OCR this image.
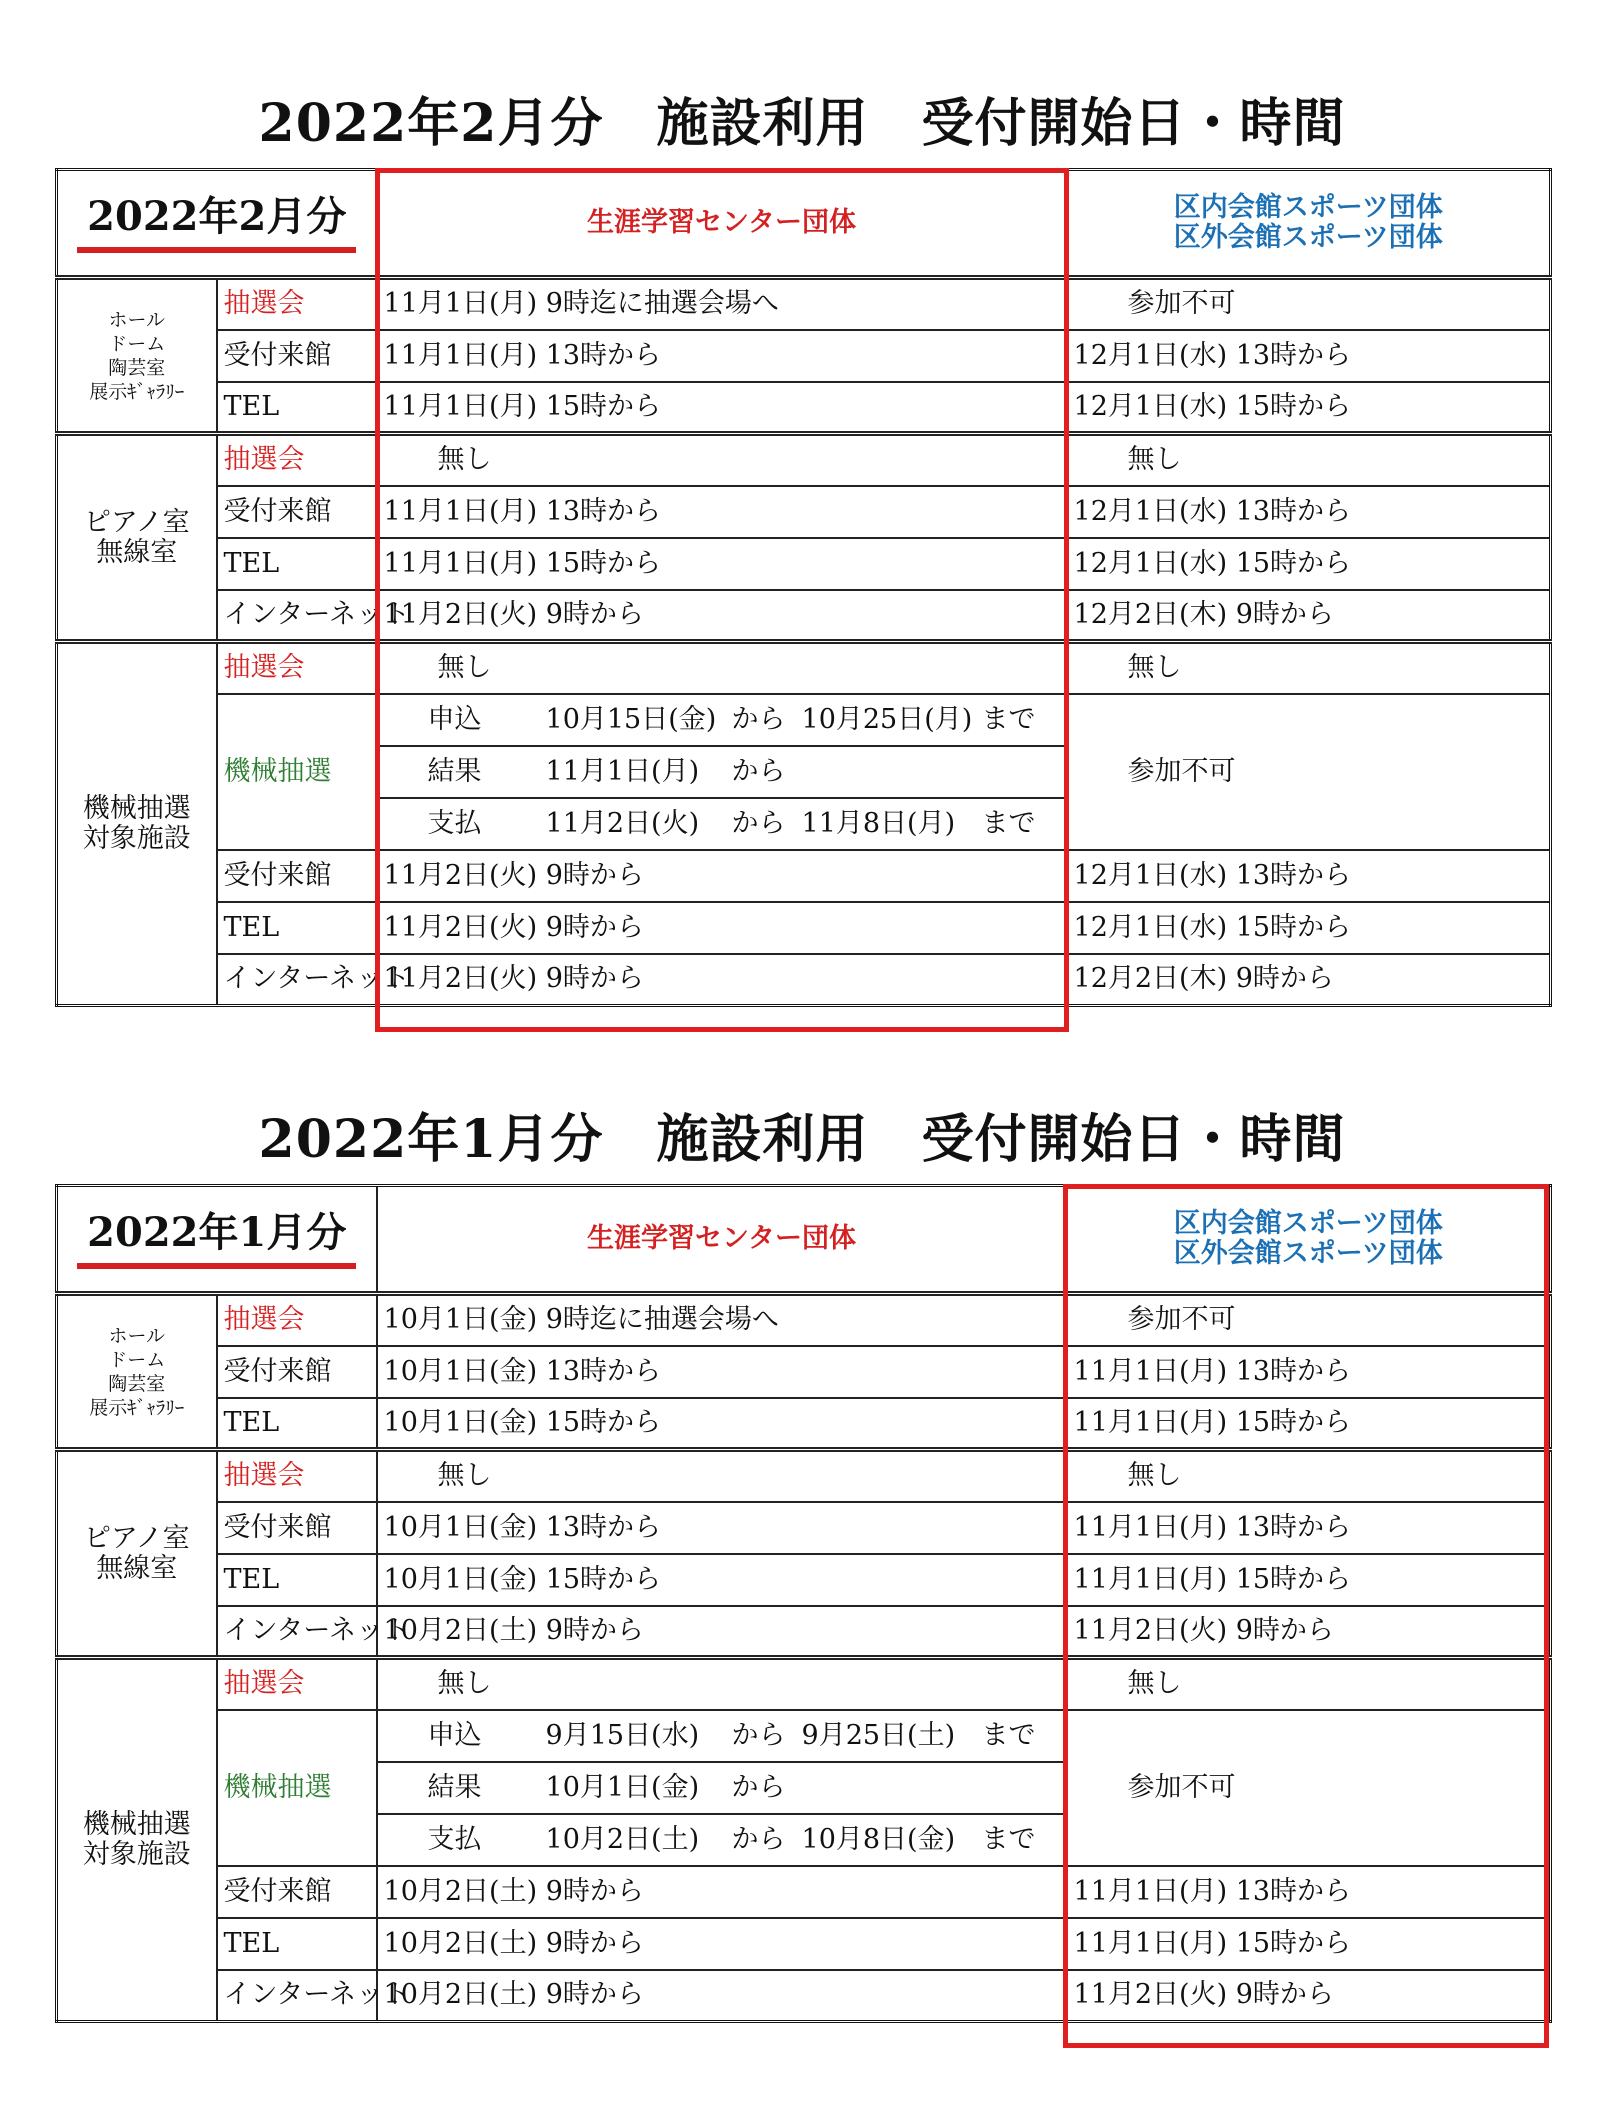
2022年2月分　施設利用　受付開始日・時間
2022年2月分		生涯学習センター団体	区内会館スポーツ団体
区外会館スポーツ団体

ホール
ドーム
陶芸室
展示ｷﾞｬﾗﾘｰ	抽選会	11月1日(月) 9時迄に抽選会場へ	参加不可
	受付来館	11月1日(月) 13時から	12月1日(水) 13時から
	TEL	11月1日(月) 15時から	12月1日(水) 15時から

ピアノ室
無線室	抽選会	無し	無し
	受付来館	11月1日(月) 13時から	12月1日(水) 13時から
	TEL	11月1日(月) 15時から	12月1日(水) 15時から
	インターネット	11月2日(火) 9時から	12月2日(木) 9時から

機械抽選
対象施設	抽選会	無し	無し
	機械抽選	申込 10月15日(金) から 10月25日(月) まで	参加不可
		結果 11月1日(月) から	
		支払 11月2日(火) から 11月8日(月) まで	
	受付来館	11月2日(火) 9時から	12月1日(水) 13時から
	TEL	11月2日(火) 9時から	12月1日(水) 15時から
	インターネット	11月2日(火) 9時から	12月2日(木) 9時から
2022年1月分　施設利用　受付開始日・時間
2022年1月分		生涯学習センター団体	区内会館スポーツ団体
区外会館スポーツ団体

ホール
ドーム
陶芸室
展示ｷﾞｬﾗﾘｰ	抽選会	10月1日(金) 9時迄に抽選会場へ	参加不可
	受付来館	10月1日(金) 13時から	11月1日(月) 13時から
	TEL	10月1日(金) 15時から	11月1日(月) 15時から

ピアノ室
無線室	抽選会	無し	無し
	受付来館	10月1日(金) 13時から	11月1日(月) 13時から
	TEL	10月1日(金) 15時から	11月1日(月) 15時から
	インターネット	10月2日(土) 9時から	11月2日(火) 9時から

機械抽選
対象施設	抽選会	無し	無し
	機械抽選	申込 9月15日(水) から 9月25日(土) まで	参加不可
		結果 10月1日(金) から	
		支払 10月2日(土) から 10月8日(金) まで	
	受付来館	10月2日(土) 9時から	11月1日(月) 13時から
	TEL	10月2日(土) 9時から	11月1日(月) 15時から
	インターネット	10月2日(土) 9時から	11月2日(火) 9時から
